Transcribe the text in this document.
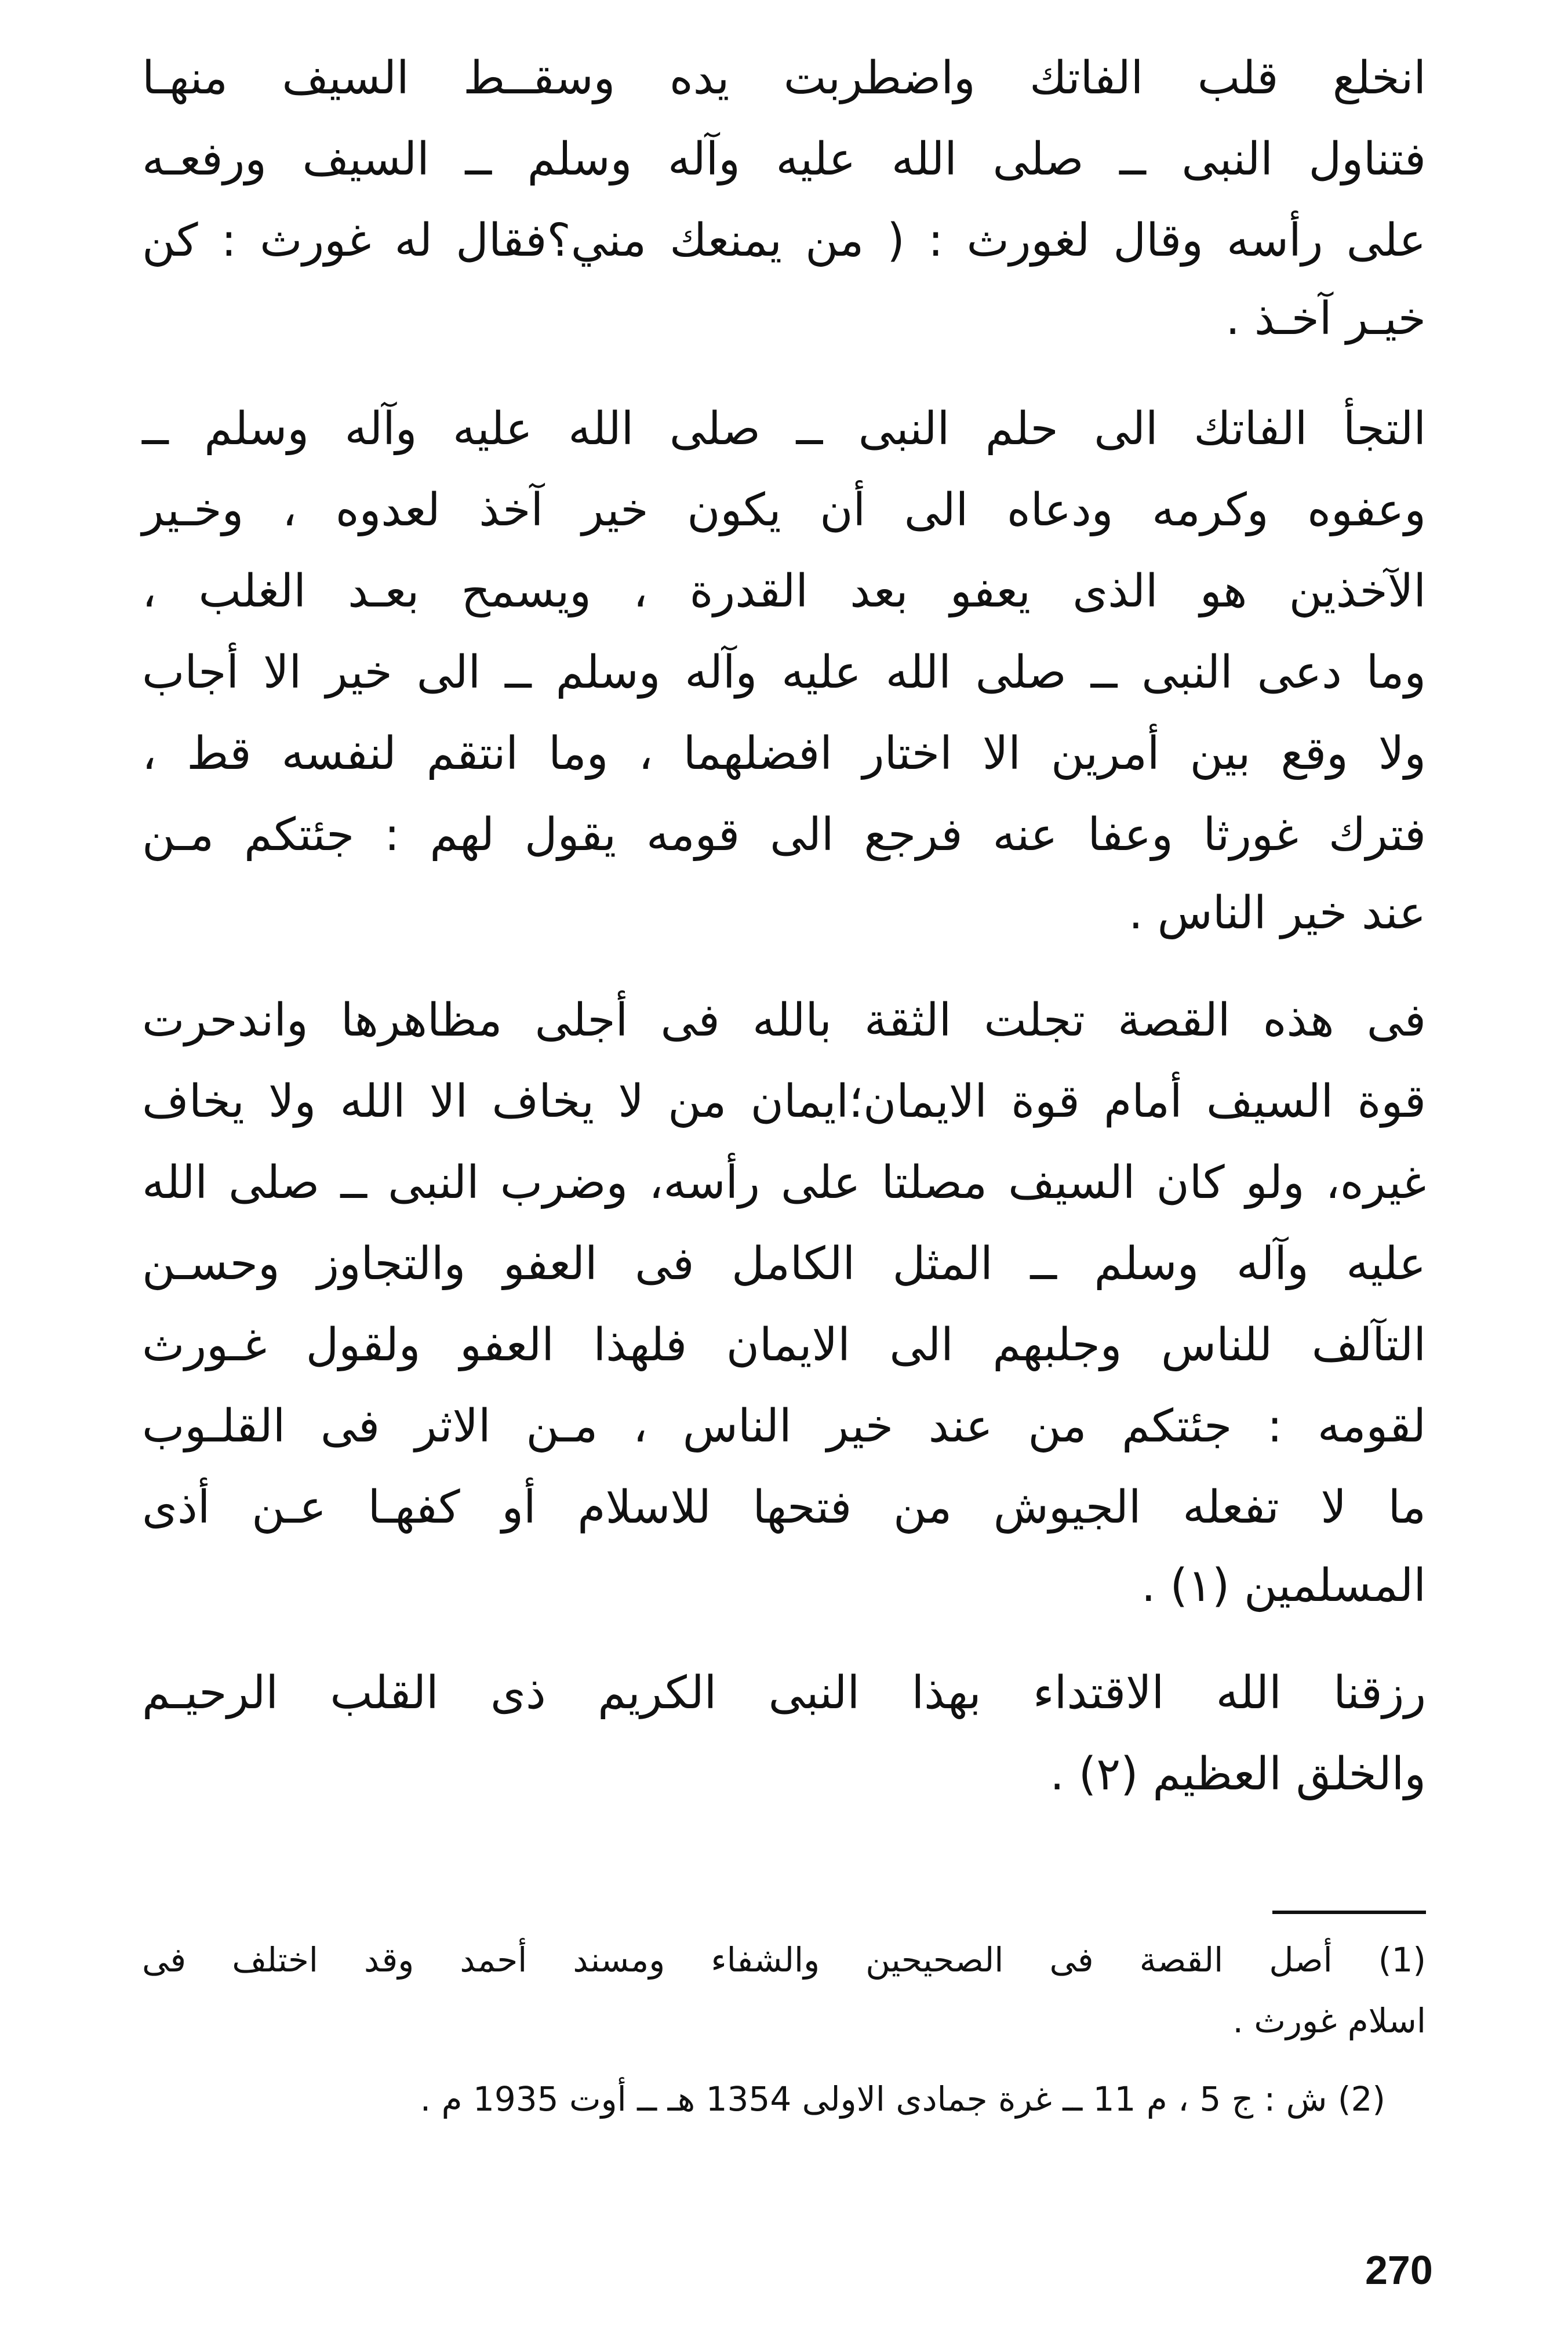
انخلع قلب الفاتك واضطربت يده وسقــط السيف منهـا
فتناول النبى ــ صلى الله عليه وآله وسلم ــ السيف ورفعـه
على رأسه وقال لغورث : ( من يمنعك مني؟فقال له غورث : كن
خيـر آخـذ .
التجأ الفاتك الى حلم النبى ــ صلى الله عليه وآله وسلم ــ
وعفوه وكرمه ودعاه الى أن يكون خير آخذ لعدوه ، وخـير
الآخذين هو الذى يعفو بعد القدرة ، ويسمح بعـد الغلب ،
وما دعى النبى ــ صلى الله عليه وآله وسلم ــ الى خير الا أجاب
ولا وقع بين أمرين الا اختار افضلهما ، وما انتقم لنفسه قط ،
فترك غورثا وعفا عنه فرجع الى قومه يقول لهم : جئتكم مـن
عند خير الناس .
فى هذه القصة تجلت الثقة بالله فى أجلى مظاهرها واندحرت
قوة السيف أمام قوة الايمان؛ايمان من لا يخاف الا الله ولا يخاف
غيره، ولو كان السيف مصلتا على رأسه، وضرب النبى ــ صلى الله
عليه وآله وسلم ــ المثل الكامل فى العفو والتجاوز وحسـن
التآلف للناس وجلبهم الى الايمان فلهذا العفو ولقول غـورث
لقومه : جئتكم من عند خير الناس ، مـن الاثر فى القلـوب
ما لا تفعله الجيوش من فتحها للاسلام أو كفهـا عـن أذى
المسلمين (١) .
رزقنا الله الاقتداء بهذا النبى الكريم ذى القلب الرحيـم
والخلق العظيم (٢) .
(1) أصل القصة فى الصحيحين والشفاء ومسند أحمد وقد اختلف فى
اسلام غورث .
(2) ش : ج 5 ، م 11 ــ غرة جمادى الاولى 1354 هـ ــ أوت 1935 م .
270
